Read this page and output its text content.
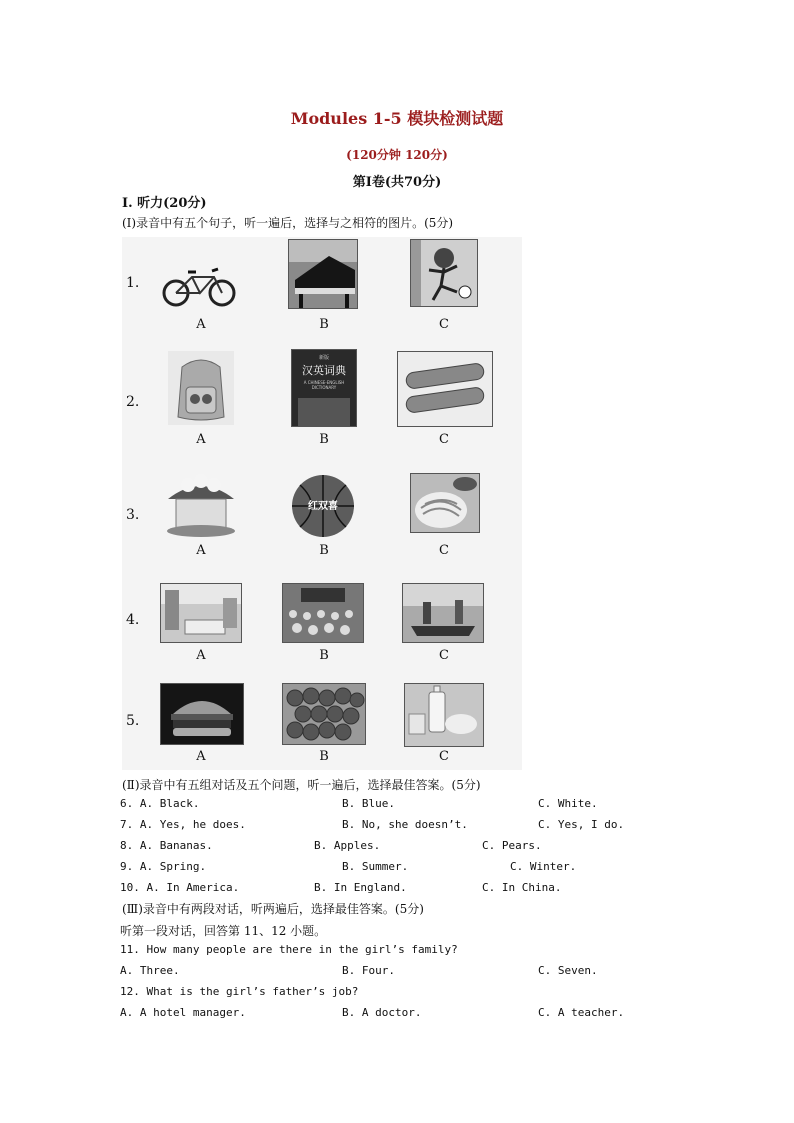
Modules 1-5 模块检测试题
(120分钟 120分)
第Ⅰ卷(共70分)
Ⅰ. 听力(20分)
(Ⅰ)录音中有五个句子，听一遍后，选择与之相符的图片。(5分)
1.
A	B	C
2.
新版
汉英词典
A CHINESE-ENGLISH DICTIONARY
A	B	C
3.
红双喜
A	B	C
4.
A	B	C
5.
A	B	C
(Ⅱ)录音中有五组对话及五个问题，听一遍后，选择最佳答案。(5分)
6. A. Black.	B. Blue.	C. White.
7. A. Yes, he does.	B. No, she doesn’t.	C. Yes, I do.
8. A. Bananas.	B. Apples.	C. Pears.
9. A. Spring.	B. Summer.	C. Winter.
10. A. In America.	B. In England.	C. In China.
(Ⅲ)录音中有两段对话，听两遍后，选择最佳答案。(5分)
听第一段对话，回答第 11、12 小题。
11. How many people are there in the girl’s family?
A. Three.	B. Four.	C. Seven.
12. What is the girl’s father’s job?
A. A hotel manager.	B. A doctor.	C. A teacher.
